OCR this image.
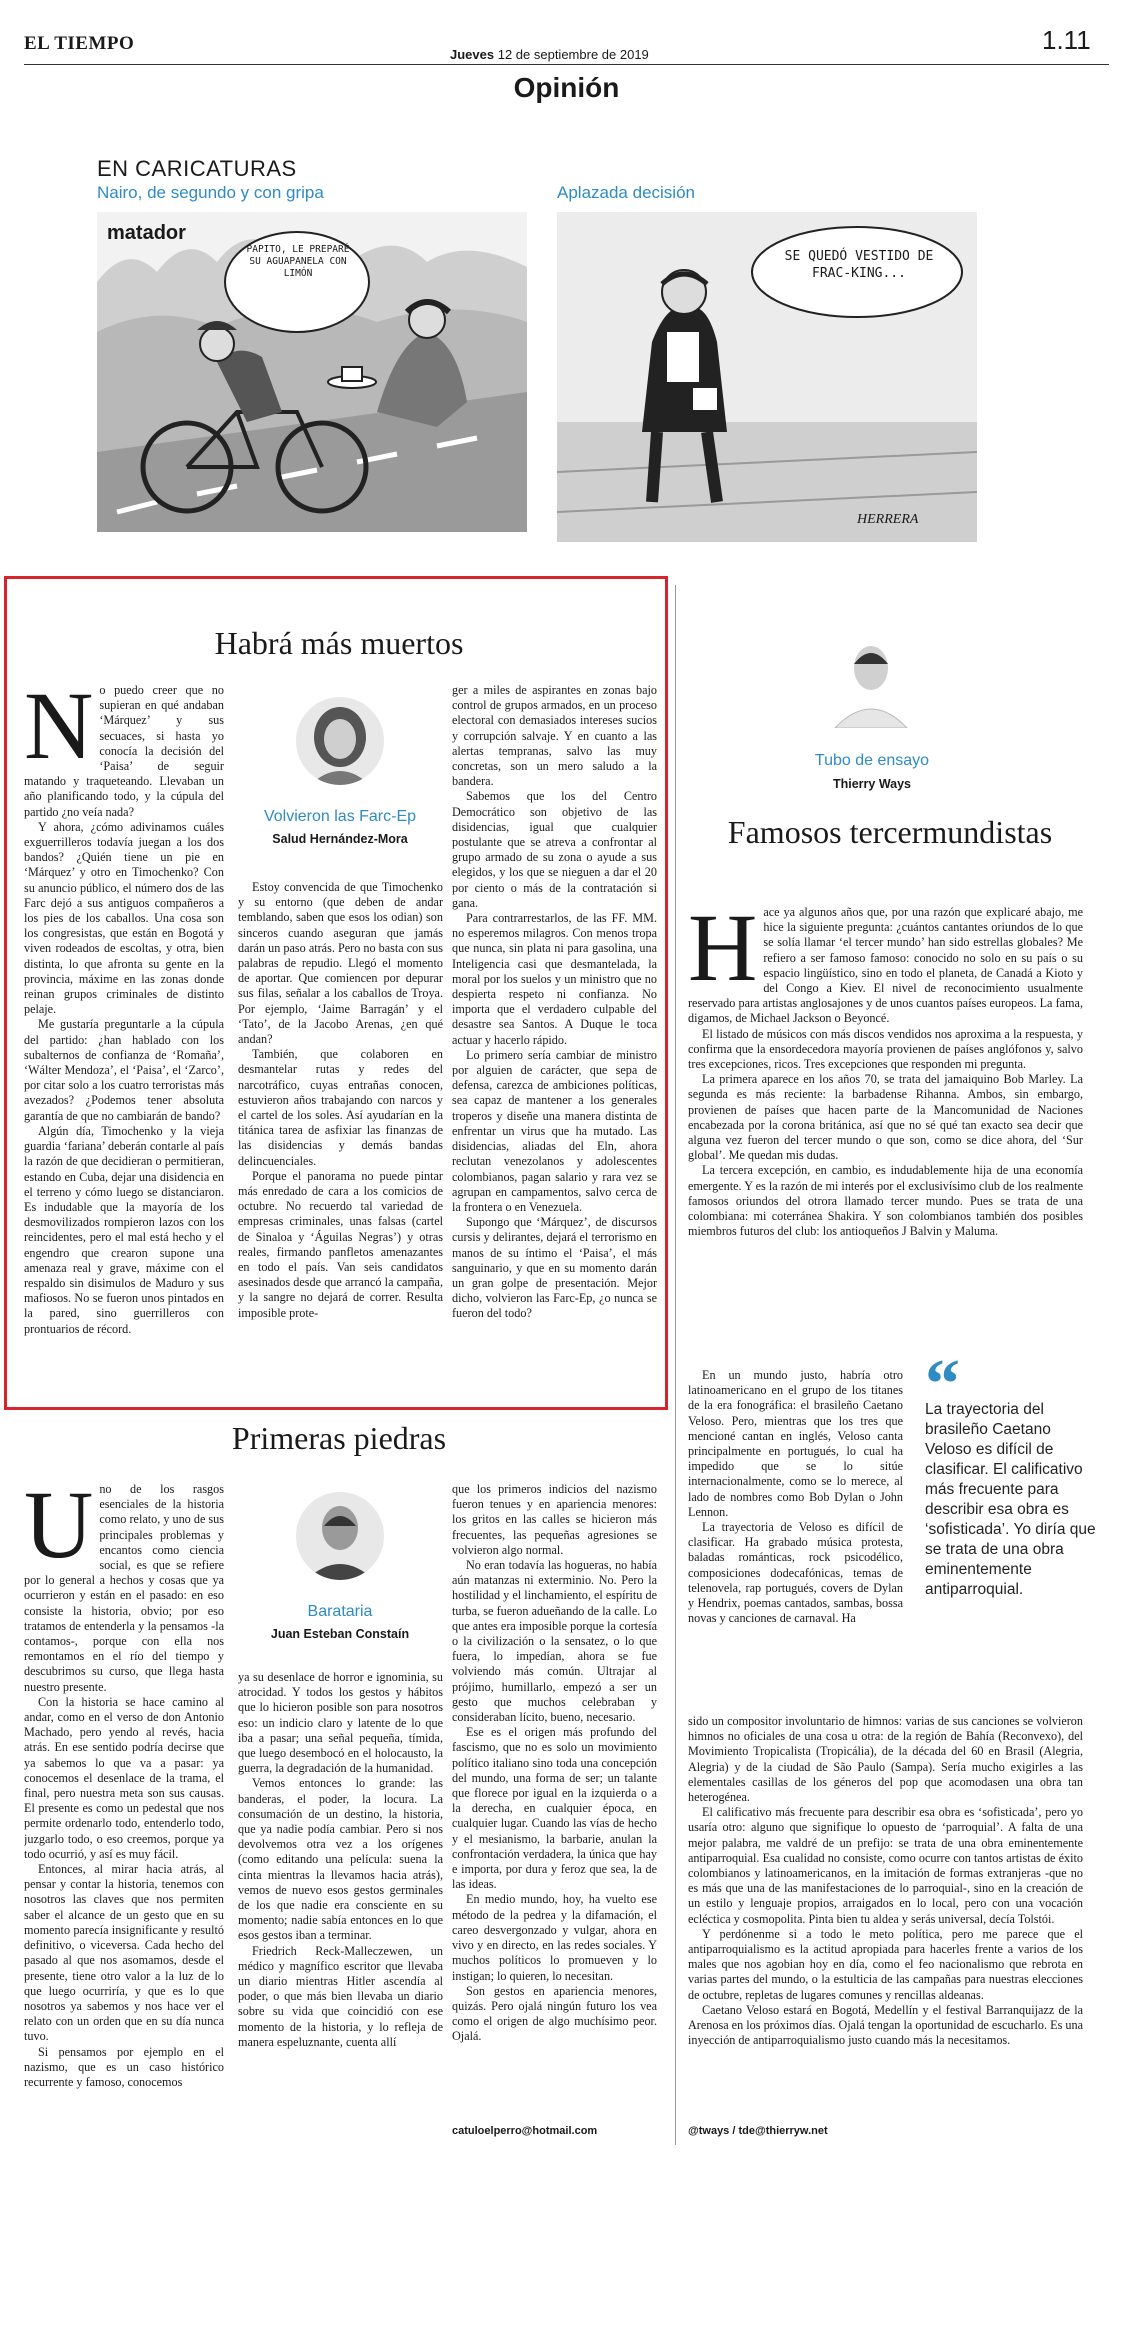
EL TIEMPO
Jueves 12 de septiembre de 2019	1.11
Opinión
EN CARICATURAS
Nairo, de segundo y con gripa	Aplazada decisión
matador
PAPITO, LE PREPARÉ SU AGUAPANELA CON LIMÓN
SE QUEDÓ VESTIDO DE FRAC-KING...
HERRERA
Habrá más muertos
Volvieron las Farc-Ep
Salud Hernández-Mora
N o puedo creer que no supieran en qué andaban ‘Márquez’ y sus secuaces, si hasta yo conocía la decisión del ‘Paisa’ de seguir matando y traqueteando. Llevaban un año planificando todo, y la cúpula del partido ¿no veía nada?

Y ahora, ¿cómo adivinamos cuáles exguerrilleros todavía juegan a los dos bandos? ¿Quién tiene un pie en ‘Márquez’ y otro en Timochenko? Con su anuncio público, el número dos de las Farc dejó a sus antiguos compañeros a los pies de los caballos. Una cosa son los congresistas, que están en Bogotá y viven rodeados de escoltas, y otra, bien distinta, lo que afronta su gente en la provincia, máxime en las zonas donde reinan grupos criminales de distinto pelaje.

Me gustaría preguntarle a la cúpula del partido: ¿han hablado con los subalternos de confianza de ‘Romaña’, ‘Wálter Mendoza’, el ‘Paisa’, el ‘Zarco’, por citar solo a los cuatro terroristas más avezados? ¿Podemos tener absoluta garantía de que no cambiarán de bando?

Algún día, Timochenko y la vieja guardia ‘fariana’ deberán contarle al país la razón de que decidieran o permitieran, estando en Cuba, dejar una disidencia en el terreno y cómo luego se distanciaron. Es indudable que la mayoría de los desmovilizados rompieron lazos con los reincidentes, pero el mal está hecho y el engendro que crearon supone una amenaza real y grave, máxime con el respaldo sin disimulos de Maduro y sus mafiosos. No se fueron unos pintados en la pared, sino guerrilleros con prontuarios de récord.

Estoy convencida de que Timochenko y su entorno (que deben de andar temblando, saben que esos los odian) son sinceros cuando aseguran que jamás darán un paso atrás. Pero no basta con sus palabras de repudio. Llegó el momento de aportar. Que comiencen por depurar sus filas, señalar a los caballos de Troya. Por ejemplo, ‘Jaime Barragán’ y el ‘Tato’, de la Jacobo Arenas, ¿en qué andan?

También, que colaboren en desmantelar rutas y redes del narcotráfico, cuyas entrañas conocen, estuvieron años trabajando con narcos y el cartel de los soles. Así ayudarían en la titánica tarea de asfixiar las finanzas de las disidencias y demás bandas delincuenciales.

Porque el panorama no puede pintar más enredado de cara a los comicios de octubre. No recuerdo tal variedad de empresas criminales, unas falsas (cartel de Sinaloa y ‘Águilas Negras’) y otras reales, firmando panfletos amenazantes en todo el país. Van seis candidatos asesinados desde que arrancó la campaña, y la sangre no dejará de correr. Resulta imposible prote-

ger a miles de aspirantes en zonas bajo control de grupos armados, en un proceso electoral con demasiados intereses sucios y corrupción salvaje. Y en cuanto a las alertas tempranas, salvo las muy concretas, son un mero saludo a la bandera.

Sabemos que los del Centro Democrático son objetivo de las disidencias, igual que cualquier postulante que se atreva a confrontar al grupo armado de su zona o ayude a sus elegidos, y los que se nieguen a dar el 20 por ciento o más de la contratación si gana.

Para contrarrestarlos, de las FF. MM. no esperemos milagros. Con menos tropa que nunca, sin plata ni para gasolina, una Inteligencia casi que desmantelada, la moral por los suelos y un ministro que no despierta respeto ni confianza. No importa que el verdadero culpable del desastre sea Santos. A Duque le toca actuar y hacerlo rápido.

Lo primero sería cambiar de ministro por alguien de carácter, que sepa de defensa, carezca de ambiciones políticas, sea capaz de mantener a los generales troperos y diseñe una manera distinta de enfrentar un virus que ha mutado. Las disidencias, aliadas del Eln, ahora reclutan venezolanos y adolescentes colombianos, pagan salario y rara vez se agrupan en campamentos, salvo cerca de la frontera o en Venezuela.

Supongo que ‘Márquez’, de discursos cursis y delirantes, dejará el terrorismo en manos de su íntimo el ‘Paisa’, el más sanguinario, y que en su momento darán un gran golpe de presentación. Mejor dicho, volvieron las Farc-Ep, ¿o nunca se fueron del todo?

Primeras piedras
Barataria
Juan Esteban Constaín
U no de los rasgos esenciales de la historia como relato, y uno de sus principales problemas y encantos como ciencia social, es que se refiere por lo general a hechos y cosas que ya ocurrieron y están en el pasado: en eso consiste la historia, obvio; por eso tratamos de entenderla y la pensamos -la contamos-, porque con ella nos remontamos en el río del tiempo y descubrimos su curso, que llega hasta nuestro presente.

Con la historia se hace camino al andar, como en el verso de don Antonio Machado, pero yendo al revés, hacia atrás. En ese sentido podría decirse que ya sabemos lo que va a pasar: ya conocemos el desenlace de la trama, el final, pero nuestra meta son sus causas. El presente es como un pedestal que nos permite ordenarlo todo, entenderlo todo, juzgarlo todo, o eso creemos, porque ya todo ocurrió, y así es muy fácil.

Entonces, al mirar hacia atrás, al pensar y contar la historia, tenemos con nosotros las claves que nos permiten saber el alcance de un gesto que en su momento parecía insignificante y resultó definitivo, o viceversa. Cada hecho del pasado al que nos asomamos, desde el presente, tiene otro valor a la luz de lo que luego ocurriría, y que es lo que nosotros ya sabemos y nos hace ver el relato con un orden que en su día nunca tuvo.

Si pensamos por ejemplo en el nazismo, que es un caso histórico recurrente y famoso, conocemos

ya su desenlace de horror e ignominia, su atrocidad. Y todos los gestos y hábitos que lo hicieron posible son para nosotros eso: un indicio claro y latente de lo que iba a pasar; una señal pequeña, tímida, que luego desembocó en el holocausto, la guerra, la degradación de la humanidad.

Vemos entonces lo grande: las banderas, el poder, la locura. La consumación de un destino, la historia, que ya nadie podía cambiar. Pero si nos devolvemos otra vez a los orígenes (como editando una película: suena la cinta mientras la llevamos hacia atrás), vemos de nuevo esos gestos germinales de los que nadie era consciente en su momento; nadie sabía entonces en lo que esos gestos iban a terminar.

Friedrich Reck-Malleczewen, un médico y magnífico escritor que llevaba un diario mientras Hitler ascendía al poder, o que más bien llevaba un diario sobre su vida que coincidió con ese momento de la historia, y lo refleja de manera espeluznante, cuenta allí

que los primeros indicios del nazismo fueron tenues y en apariencia menores: los gritos en las calles se hicieron más frecuentes, las pequeñas agresiones se volvieron algo normal.

No eran todavía las hogueras, no había aún matanzas ni exterminio. No. Pero la hostilidad y el linchamiento, el espíritu de turba, se fueron adueñando de la calle. Lo que antes era imposible porque la cortesía o la civilización o la sensatez, o lo que fuera, lo impedían, ahora se fue volviendo más común. Ultrajar al prójimo, humillarlo, empezó a ser un gesto que muchos celebraban y consideraban lícito, bueno, necesario.

Ese es el origen más profundo del fascismo, que no es solo un movimiento político italiano sino toda una concepción del mundo, una forma de ser; un talante que florece por igual en la izquierda o a la derecha, en cualquier época, en cualquier lugar. Cuando las vías de hecho y el mesianismo, la barbarie, anulan la confrontación verdadera, la única que hay e importa, por dura y feroz que sea, la de las ideas.

En medio mundo, hoy, ha vuelto ese método de la pedrea y la difamación, el careo desvergonzado y vulgar, ahora en vivo y en directo, en las redes sociales. Y muchos políticos lo promueven y lo instigan; lo quieren, lo necesitan.

Son gestos en apariencia menores, quizás. Pero ojalá ningún futuro los vea como el origen de algo muchísimo peor. Ojalá.

catuloelperro@hotmail.com
Tubo de ensayo
Thierry Ways
Famosos tercermundistas
H ace ya algunos años que, por una razón que explicaré abajo, me hice la siguiente pregunta: ¿cuántos cantantes oriundos de lo que se solía llamar ‘el tercer mundo’ han sido estrellas globales? Me refiero a ser famoso famoso: conocido no solo en su país o su espacio lingüístico, sino en todo el planeta, de Canadá a Kioto y del Congo a Kiev. El nivel de reconocimiento usualmente reservado para artistas anglosajones y de unos cuantos países europeos. La fama, digamos, de Michael Jackson o Beyoncé.

El listado de músicos con más discos vendidos nos aproxima a la respuesta, y confirma que la ensordecedora mayoría provienen de países anglófonos y, salvo tres excepciones, ricos. Tres excepciones que responden mi pregunta.

La primera aparece en los años 70, se trata del jamaiquino Bob Marley. La segunda es más reciente: la barbadense Rihanna. Ambos, sin embargo, provienen de países que hacen parte de la Mancomunidad de Naciones encabezada por la corona británica, así que no sé qué tan exacto sea decir que alguna vez fueron del tercer mundo o que son, como se dice ahora, del ‘Sur global’. Me quedan mis dudas.

La tercera excepción, en cambio, es indudablemente hija de una economía emergente. Y es la razón de mi interés por el exclusivísimo club de los realmente famosos oriundos del otrora llamado tercer mundo. Pues se trata de una colombiana: mi coterránea Shakira. Y son colombianos también dos posibles miembros futuros del club: los antioqueños J Balvin y Maluma.

En un mundo justo, habría otro latinoamericano en el grupo de los titanes de la era fonográfica: el brasileño Caetano Veloso. Pero, mientras que los tres que mencioné cantan en inglés, Veloso canta principalmente en portugués, lo cual ha impedido que se lo sitúe internacionalmente, como se lo merece, al lado de nombres como Bob Dylan o John Lennon.

La trayectoria de Veloso es difícil de clasificar. Ha grabado música protesta, baladas románticas, rock psicodélico, composiciones dodecafónicas, temas de telenovela, rap portugués, covers de Dylan y Hendrix, poemas cantados, sambas, bossa novas y canciones de carnaval. Ha

“
La trayectoria del brasileño Caetano Veloso es difícil de clasificar. El calificativo más frecuente para describir esa obra es ‘sofisticada’. Yo diría que se trata de una obra eminentemente antiparroquial.

sido un compositor involuntario de himnos: varias de sus canciones se volvieron himnos no oficiales de una cosa u otra: de la región de Bahía (Reconvexo), del Movimiento Tropicalista (Tropicália), de la década del 60 en Brasil (Alegria, Alegria) y de la ciudad de São Paulo (Sampa). Sería mucho exigirles a las elementales casillas de los géneros del pop que acomodasen una obra tan heterogénea.

El calificativo más frecuente para describir esa obra es ‘sofisticada’, pero yo usaría otro: alguno que signifique lo opuesto de ‘parroquial’. A falta de una mejor palabra, me valdré de un prefijo: se trata de una obra eminentemente antiparroquial. Esa cualidad no consiste, como ocurre con tantos artistas de éxito colombianos y latinoamericanos, en la imitación de formas extranjeras -que no es más que una de las manifestaciones de lo parroquial-, sino en la creación de un estilo y lenguaje propios, arraigados en lo local, pero con una vocación ecléctica y cosmopolita. Pinta bien tu aldea y serás universal, decía Tolstói.

Y perdónenme si a todo le meto política, pero me parece que el antiparroquialismo es la actitud apropiada para hacerles frente a varios de los males que nos agobian hoy en día, como el feo nacionalismo que rebrota en varias partes del mundo, o la estulticia de las campañas para nuestras elecciones de octubre, repletas de lugares comunes y rencillas aldeanas.

Caetano Veloso estará en Bogotá, Medellín y el festival Barranquijazz de la Arenosa en los próximos días. Ojalá tengan la oportunidad de escucharlo. Es una inyección de antiparroquialismo justo cuando más la necesitamos.

@tways / tde@thierryw.net
